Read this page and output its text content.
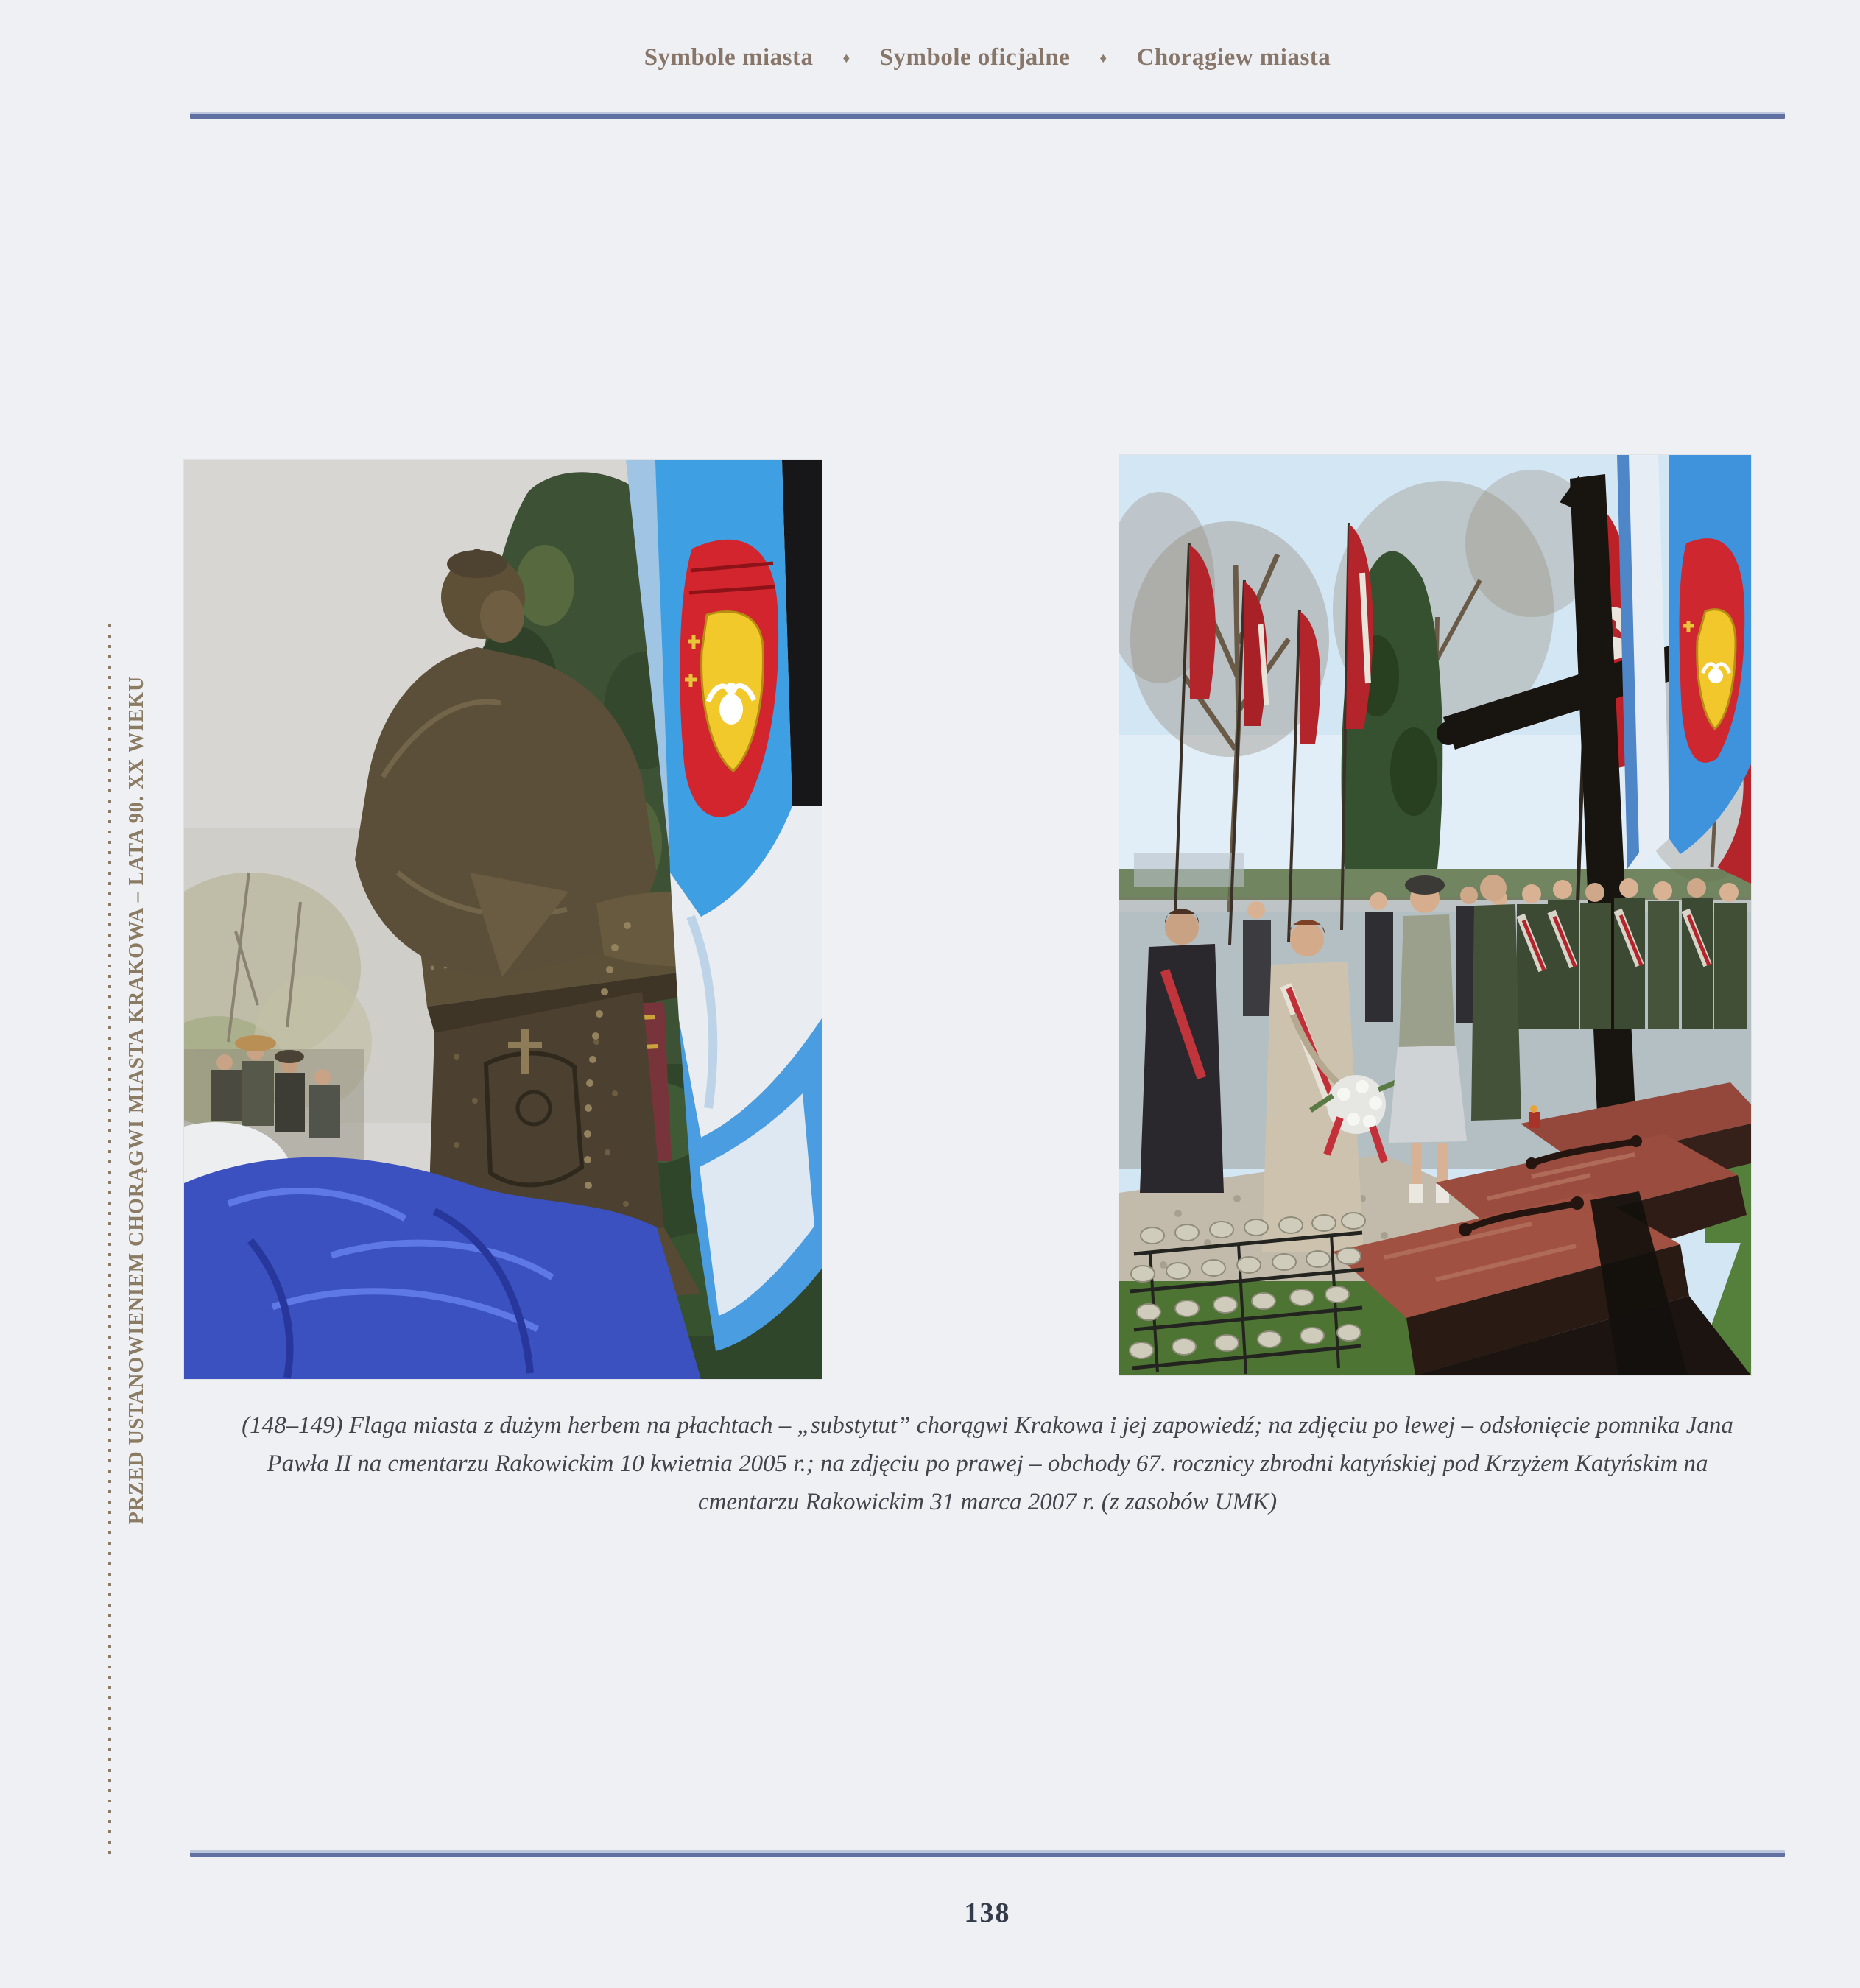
Symbole miasta ♦ Symbole oficjalne ♦ Chorągiew miasta
PRZED USTANOWIENIEM CHORĄGWI MIASTA KRAKOWA – LATA 90. XX WIEKU	(148–149) Flaga miasta z dużym herbem na płachtach – „substytut” chorągwi Krakowa i jej zapowiedź; na zdjęciu po lewej – odsłonięcie pomnika Jana
Pawła II na cmentarzu Rakowickim 10 kwietnia 2005 r.; na zdjęciu po prawej – obchody 67. rocznicy zbrodni katyńskiej pod Krzyżem Katyńskim na
cmentarzu Rakowickim 31 marca 2007 r. (z zasobów UMK)
138
